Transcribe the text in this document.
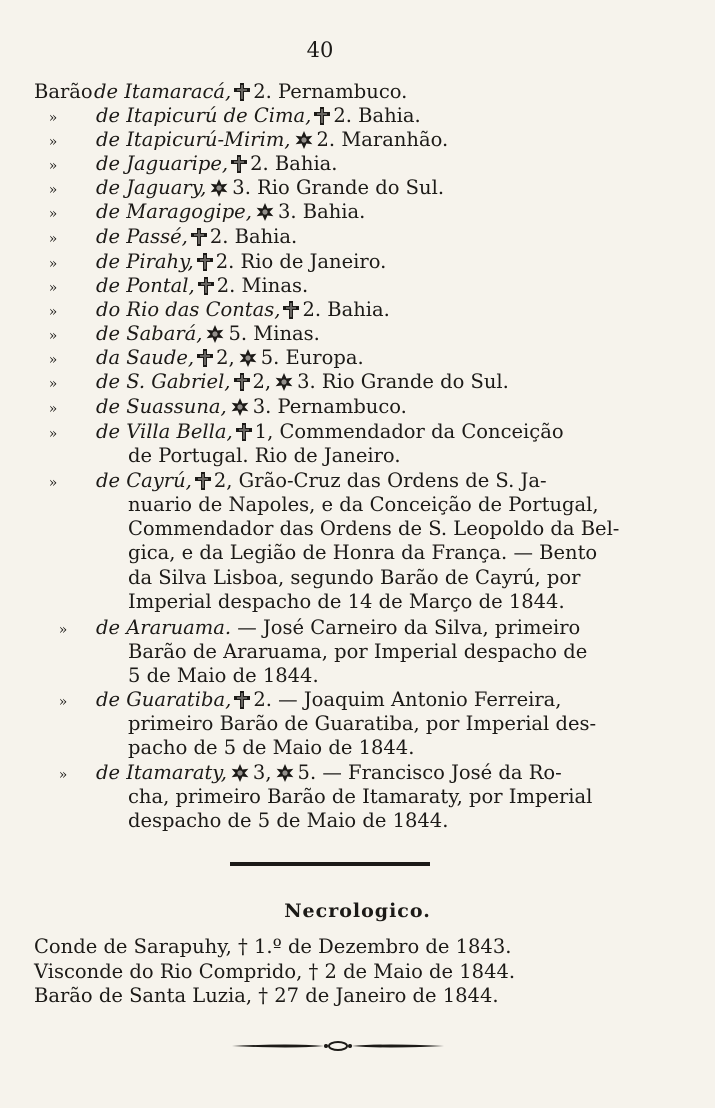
40
Barão de Itamaracá, 2. Pernambuco.
» de Itapicurú de Cima, 2. Bahia.
» de Itapicurú-Mirim, 2. Maranhão.
» de Jaguaripe, 2. Bahia.
» de Jaguary, 3. Rio Grande do Sul.
» de Maragogipe, 3. Bahia.
» de Passé, 2. Bahia.
» de Pirahy, 2. Rio de Janeiro.
» de Pontal, 2. Minas.
» do Rio das Contas, 2. Bahia.
» de Sabará, 5. Minas.
» da Saude, 2, 5. Europa.
» de S. Gabriel, 2, 3. Rio Grande do Sul.
» de Suassuna, 3. Pernambuco.
» de Villa Bella, 1, Commendador da Conceição
de Portugal. Rio de Janeiro.
» de Cayrú, 2, Grão-Cruz das Ordens de S. Ja-
nuario de Napoles, e da Conceição de Portugal,
Commendador das Ordens de S. Leopoldo da Bel-
gica, e da Legião de Honra da França. — Bento
da Silva Lisboa, segundo Barão de Cayrú, por
Imperial despacho de 14 de Março de 1844.
» de Araruama. — José Carneiro da Silva, primeiro
Barão de Araruama, por Imperial despacho de
5 de Maio de 1844.
» de Guaratiba, 2. — Joaquim Antonio Ferreira,
primeiro Barão de Guaratiba, por Imperial des-
pacho de 5 de Maio de 1844.
» de Itamaraty, 3, 5. — Francisco José da Ro-
cha, primeiro Barão de Itamaraty, por Imperial
despacho de 5 de Maio de 1844.
Necrologico.
Conde de Sarapuhy, † 1.º de Dezembro de 1843.
Visconde do Rio Comprido, † 2 de Maio de 1844.
Barão de Santa Luzia, † 27 de Janeiro de 1844.
